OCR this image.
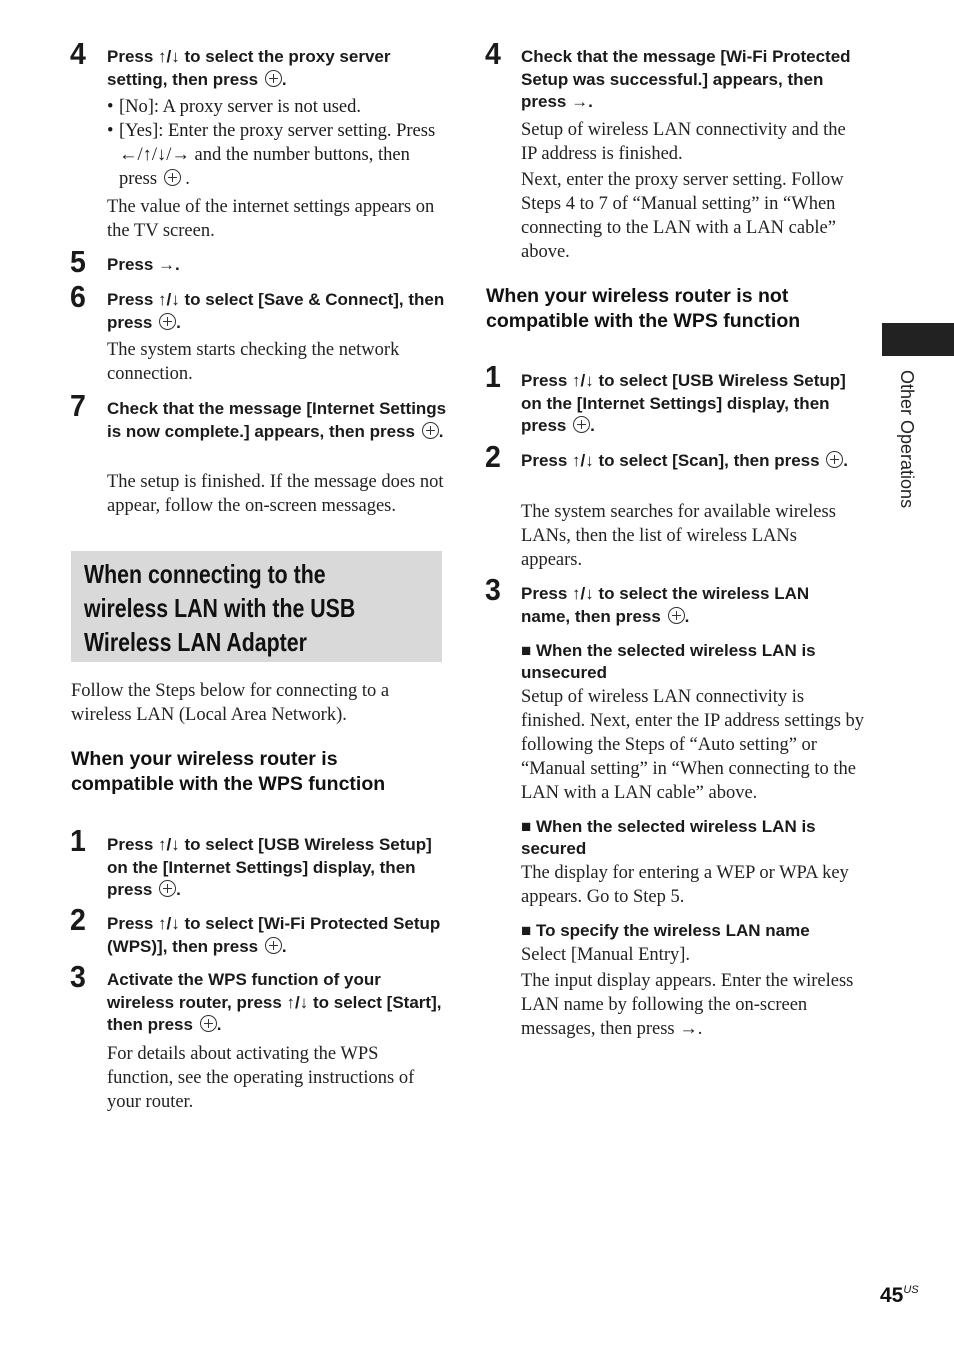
4 Press ↑/↓ to select the proxy server setting, then press .
• [No]: A proxy server is not used.
• [Yes]: Enter the proxy server setting. Press ←/↑/↓/→ and the number buttons, then press  .
The value of the internet settings appears on the TV screen.
5 Press →.
6 Press ↑/↓ to select [Save & Connect], then press .
The system starts checking the network connection.
7 Check that the message [Internet Settings is now complete.] appears, then press .
The setup is finished. If the message does not appear, follow the on-screen messages.
When connecting to the
wireless LAN with the USB
Wireless LAN Adapter
Follow the Steps below for connecting to a wireless LAN (Local Area Network).
When your wireless router is compatible with the WPS function
1 Press ↑/↓ to select [USB Wireless Setup] on the [Internet Settings] display, then press .
2 Press ↑/↓ to select [Wi-Fi Protected Setup (WPS)], then press .
3 Activate the WPS function of your wireless router, press ↑/↓ to select [Start], then press .
For details about activating the WPS function, see the operating instructions of your router.
4 Check that the message [Wi-Fi Protected Setup was successful.] appears, then press →.
Setup of wireless LAN connectivity and the IP address is finished.
Next, enter the proxy server setting. Follow Steps 4 to 7 of “Manual setting” in “When connecting to the LAN with a LAN cable” above.
When your wireless router is not compatible with the WPS function
1 Press ↑/↓ to select [USB Wireless Setup] on the [Internet Settings] display, then press .
2 Press ↑/↓ to select [Scan], then press .
The system searches for available wireless LANs, then the list of wireless LANs appears.
3 Press ↑/↓ to select the wireless LAN name, then press .
■ When the selected wireless LAN is unsecured
Setup of wireless LAN connectivity is finished. Next, enter the IP address settings by following the Steps of “Auto setting” or “Manual setting” in “When connecting to the LAN with a LAN cable” above.
■ When the selected wireless LAN is secured
The display for entering a WEP or WPA key appears. Go to Step 5.
■ To specify the wireless LAN name
Select [Manual Entry].
The input display appears. Enter the wireless LAN name by following the on-screen messages, then press →.
Other Operations
$45^{US}$
